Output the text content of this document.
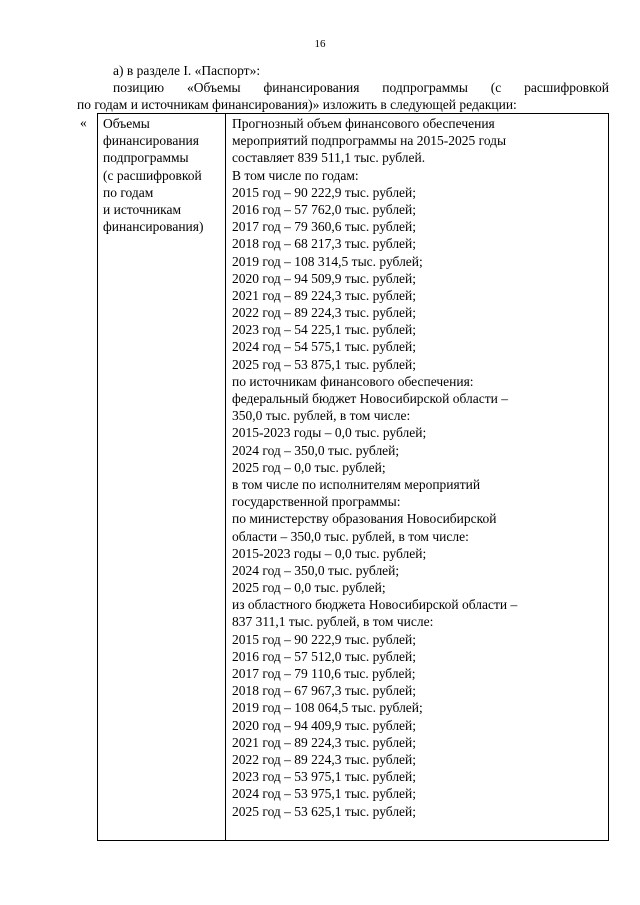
16
а) в разделе I. «Паспорт»:
позицию «Объемы финансирования подпрограммы (с расшифровкой
по годам и источникам финансирования)» изложить в следующей редакции:
« Объемы
финансирования
подпрограммы
(с расшифровкой
по годам
и источникам
финансирования)
Прогнозный объем финансового обеспечения
мероприятий подпрограммы на 2015-2025 годы
составляет 839 511,1 тыс. рублей.
В том числе по годам:
2015 год – 90 222,9 тыс. рублей;
2016 год – 57 762,0 тыс. рублей;
2017 год – 79 360,6 тыс. рублей;
2018 год – 68 217,3 тыс. рублей;
2019 год – 108 314,5 тыс. рублей;
2020 год – 94 509,9 тыс. рублей;
2021 год – 89 224,3 тыс. рублей;
2022 год – 89 224,3 тыс. рублей;
2023 год – 54 225,1 тыс. рублей;
2024 год – 54 575,1 тыс. рублей;
2025 год – 53 875,1 тыс. рублей;
по источникам финансового обеспечения:
федеральный бюджет Новосибирской области –
350,0 тыс. рублей, в том числе:
2015-2023 годы – 0,0 тыс. рублей;
2024 год – 350,0 тыс. рублей;
2025 год – 0,0 тыс. рублей;
в том числе по исполнителям мероприятий
государственной программы:
по министерству образования Новосибирской
области – 350,0 тыс. рублей, в том числе:
2015-2023 годы – 0,0 тыс. рублей;
2024 год – 350,0 тыс. рублей;
2025 год – 0,0 тыс. рублей;
из областного бюджета Новосибирской области –
837 311,1 тыс. рублей, в том числе:
2015 год – 90 222,9 тыс. рублей;
2016 год – 57 512,0 тыс. рублей;
2017 год – 79 110,6 тыс. рублей;
2018 год – 67 967,3 тыс. рублей;
2019 год – 108 064,5 тыс. рублей;
2020 год – 94 409,9 тыс. рублей;
2021 год – 89 224,3 тыс. рублей;
2022 год – 89 224,3 тыс. рублей;
2023 год – 53 975,1 тыс. рублей;
2024 год – 53 975,1 тыс. рублей;
2025 год – 53 625,1 тыс. рублей;
